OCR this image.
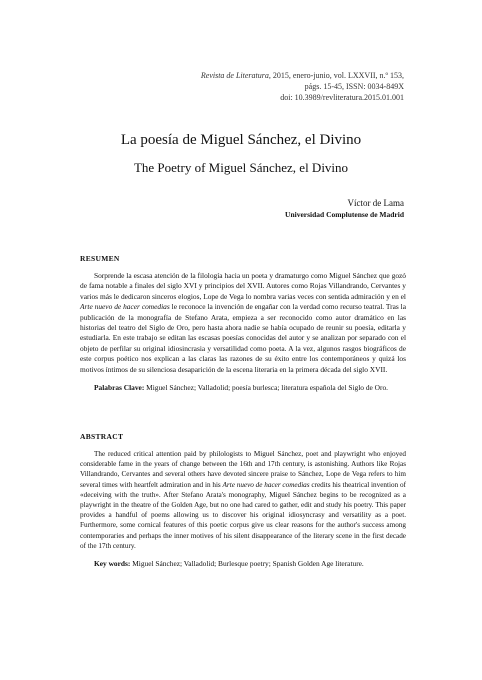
Revista de Literatura, 2015, enero-junio, vol. LXXVII, n.º 153,
págs. 15-45, ISSN: 0034-849X
doi: 10.3989/revliteratura.2015.01.001
La poesía de Miguel Sánchez, el Divino
The Poetry of Miguel Sánchez, el Divino
Víctor de Lama
Universidad Complutense de Madrid
RESUMEN

Sorprende la escasa atención de la filología hacia un poeta y dramaturgo como Miguel Sánchez que gozó de fama notable a finales del siglo XVI y principios del XVII. Autores como Rojas Villandrando, Cervantes y varios más le dedicaron sinceros elogios, Lope de Vega lo nombra varias veces con sentida admiración y en el Arte nuevo de hacer comedias le reconoce la invención de engañar con la verdad como recurso teatral. Tras la publicación de la monografía de Stefano Arata, empieza a ser reconocido como autor dramático en las historias del teatro del Siglo de Oro, pero hasta ahora nadie se había ocupado de reunir su poesía, editarla y estudiarla. En este trabajo se editan las escasas poesías conocidas del autor y se analizan por separado con el objeto de perfilar su original idiosincrasia y versatilidad como poeta. A la vez, algunos rasgos biográficos de este corpus poético nos explican a las claras las razones de su éxito entre los contemporáneos y quizá los motivos íntimos de su silenciosa desaparición de la escena literaria en la primera década del siglo XVII.

Palabras Clave: Miguel Sánchez; Valladolid; poesía burlesca; literatura española del Siglo de Oro.

ABSTRACT

The reduced critical attention paid by philologists to Miguel Sánchez, poet and playwright who enjoyed considerable fame in the years of change between the 16th and 17th century, is astonishing. Authors like Rojas Villandrando, Cervantes and several others have devoted sincere praise to Sánchez, Lope de Vega refers to him several times with heartfelt admiration and in his Arte nuevo de hacer comedias credits his theatrical invention of «deceiving with the truth». After Stefano Arata's monography, Miguel Sánchez begins to be recognized as a playwright in the theatre of the Golden Age, but no one had cared to gather, edit and study his poetry. This paper provides a handful of poems allowing us to discover his original idiosyncrasy and versatility as a poet. Furthermore, some cornical features of this poetic corpus give us clear reasons for the author's success among contemporaries and perhaps the inner motives of his silent disappearance of the literary scene in the first decade of the 17th century.

Key words: Miguel Sánchez; Valladolid; Burlesque poetry; Spanish Golden Age literature.
